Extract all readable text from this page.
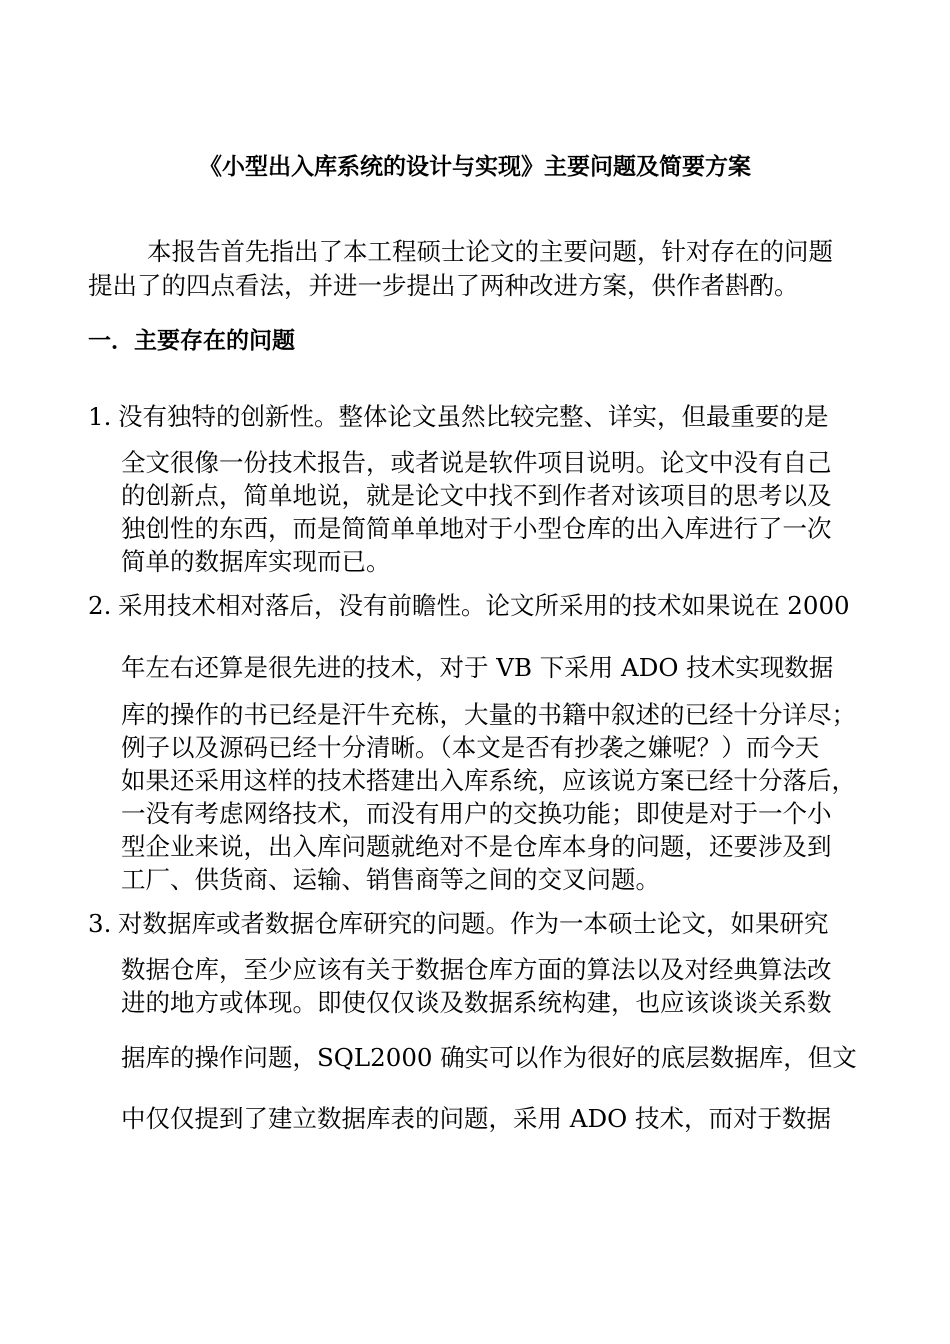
《小型出入库系统的设计与实现》主要问题及简要方案
本报告首先指出了本工程硕士论文的主要问题，针对存在的问题
提出了的四点看法，并进一步提出了两种改进方案，供作者斟酌。
一．主要存在的问题
1. 没有独特的创新性。整体论文虽然比较完整、详实，但最重要的是
全文很像一份技术报告，或者说是软件项目说明。论文中没有自己
的创新点，简单地说，就是论文中找不到作者对该项目的思考以及
独创性的东西，而是简简单单地对于小型仓库的出入库进行了一次
简单的数据库实现而已。
2. 采用技术相对落后，没有前瞻性。论文所采用的技术如果说在 2000
年左右还算是很先进的技术，对于 VB 下采用 ADO 技术实现数据
库的操作的书已经是汗牛充栋，大量的书籍中叙述的已经十分详尽；
例子以及源码已经十分清晰。（本文是否有抄袭之嫌呢？）而今天
如果还采用这样的技术搭建出入库系统，应该说方案已经十分落后，
一没有考虑网络技术，而没有用户的交换功能；即使是对于一个小
型企业来说，出入库问题就绝对不是仓库本身的问题，还要涉及到
工厂、供货商、运输、销售商等之间的交叉问题。
3. 对数据库或者数据仓库研究的问题。作为一本硕士论文，如果研究
数据仓库，至少应该有关于数据仓库方面的算法以及对经典算法改
进的地方或体现。即使仅仅谈及数据系统构建，也应该谈谈关系数
据库的操作问题，SQL2000 确实可以作为很好的底层数据库，但文
中仅仅提到了建立数据库表的问题，采用 ADO 技术，而对于数据
